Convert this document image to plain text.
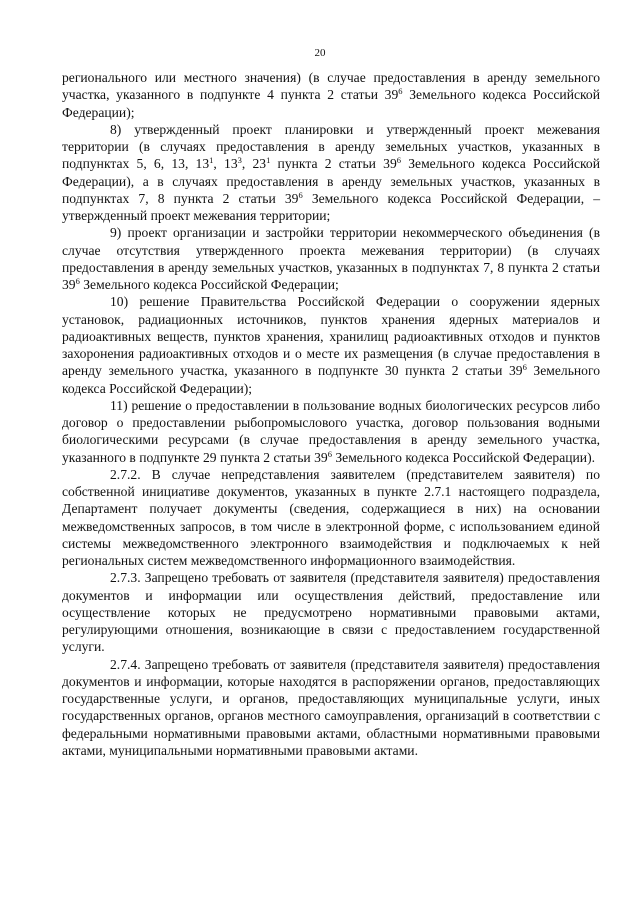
20

регионального или местного значения) (в случае предоставления в аренду земельного участка, указанного в подпункте 4 пункта 2 статьи $39^6$ Земельного кодекса Российской Федерации);

8) утвержденный проект планировки и утвержденный проект межевания территории (в случаях предоставления в аренду земельных участков, указанных в подпунктах 5, 6, 13, $13^1$, $13^3$, $23^1$ пункта 2 статьи $39^6$ Земельного кодекса Российской Федерации), а в случаях предоставления в аренду земельных участков, указанных в подпунктах 7, 8 пункта 2 статьи $39^6$ Земельного кодекса Российской Федерации, – утвержденный проект межевания территории;

9) проект организации и застройки территории некоммерческого объединения (в случае отсутствия утвержденного проекта межевания территории) (в случаях предоставления в аренду земельных участков, указанных в подпунктах 7, 8 пункта 2 статьи $39^6$ Земельного кодекса Российской Федерации;

10) решение Правительства Российской Федерации о сооружении ядерных установок, радиационных источников, пунктов хранения ядерных материалов и радиоактивных веществ, пунктов хранения, хранилищ радиоактивных отходов и пунктов захоронения радиоактивных отходов и о месте их размещения (в случае предоставления в аренду земельного участка, указанного в подпункте 30 пункта 2 статьи $39^6$ Земельного кодекса Российской Федерации);

11) решение о предоставлении в пользование водных биологических ресурсов либо договор о предоставлении рыбопромыслового участка, договор пользования водными биологическими ресурсами (в случае предоставления в аренду земельного участка, указанного в подпункте 29 пункта 2 статьи $39^6$ Земельного кодекса Российской Федерации).

2.7.2. В случае непредставления заявителем (представителем заявителя) по собственной инициативе документов, указанных в пункте 2.7.1 настоящего подраздела, Департамент получает документы (сведения, содержащиеся в них) на основании межведомственных запросов, в том числе в электронной форме, с использованием единой системы межведомственного электронного взаимодействия и подключаемых к ней региональных систем межведомственного информационного взаимодействия.

2.7.3. Запрещено требовать от заявителя (представителя заявителя) предоставления документов и информации или осуществления действий, предоставление или осуществление которых не предусмотрено нормативными правовыми актами, регулирующими отношения, возникающие в связи с предоставлением государственной услуги.

2.7.4. Запрещено требовать от заявителя (представителя заявителя) предоставления документов и информации, которые находятся в распоряжении органов, предоставляющих государственные услуги, и органов, предоставляющих муниципальные услуги, иных государственных органов, органов местного самоуправления, организаций в соответствии с федеральными нормативными правовыми актами, областными нормативными правовыми актами, муниципальными нормативными правовыми актами.
